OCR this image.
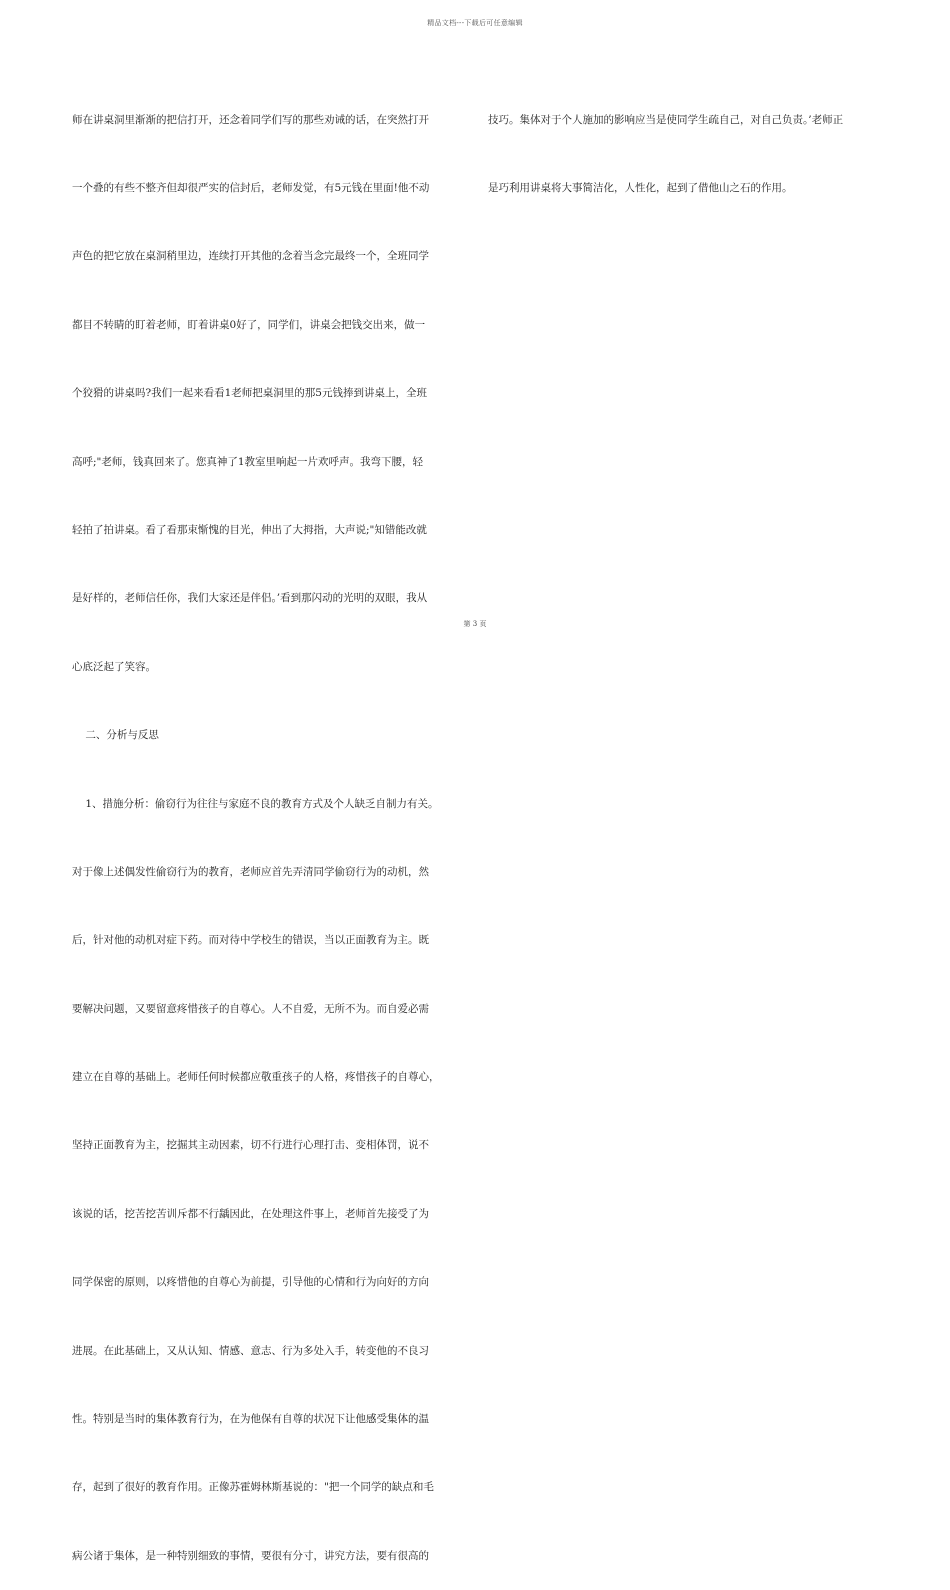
精品文档---下载后可任意编辑

师在讲桌洞里渐渐的把信打开，还念着同学们写的那些劝诫的话，在突然打开

一个叠的有些不整齐但却很严实的信封后，老师发觉，有5元钱在里面!他不动

声色的把它放在桌洞稍里边，连续打开其他的念着当念完最终一个，全班同学

都目不转睛的盯着老师，盯着讲桌0好了，同学们，讲桌会把钱交出来，做一

个狡猾的讲桌吗?我们一起来看看1老师把桌洞里的那5元钱捧到讲桌上，全班

高呼;"老师，钱真回来了。您真神了1教室里响起一片欢呼声。我弯下腰，轻

轻拍了拍讲桌。看了看那束惭愧的目光，伸出了大拇指，大声说;"知错能改就

是好样的，老师信任你，我们大家还是伴侣。’看到那闪动的光明的双眼，我从

心底泛起了笑容。

二、分析与反思

1、措施分析：偷窃行为往往与家庭不良的教育方式及个人缺乏自制力有关。

对于像上述偶发性偷窃行为的教育，老师应首先弄清同学偷窃行为的动机，然

后，针对他的动机对症下药。而对待中学校生的错误，当以正面教育为主。既

要解决问题，又要留意疼惜孩子的自尊心。人不自爱，无所不为。而自爱必需

建立在自尊的基础上。老师任何时候都应敬重孩子的人格，疼惜孩子的自尊心，

坚持正面教育为主，挖掘其主动因素，切不行进行心理打击、变相体罚，说不

该说的话，挖苦挖苦训斥都不行龋因此，在处理这件事上，老师首先接受了为

同学保密的原则，以疼惜他的自尊心为前提，引导他的心情和行为向好的方向

进展。在此基础上，又从认知、情感、意志、行为多处入手，转变他的不良习

性。特别是当时的集体教育行为，在为他保有自尊的状况下让他感受集体的温

存，起到了很好的教育作用。正像苏霍姆林斯基说的："把一个同学的缺点和毛

病公诸于集体，是一种特别细致的事情，要很有分寸，讲究方法，要有很高的

技巧。集体对于个人施加的影响应当是使同学生疏自己，对自己负责。’老师正

是巧利用讲桌将大事简洁化，人性化，起到了借他山之石的作用。

第 3 页
